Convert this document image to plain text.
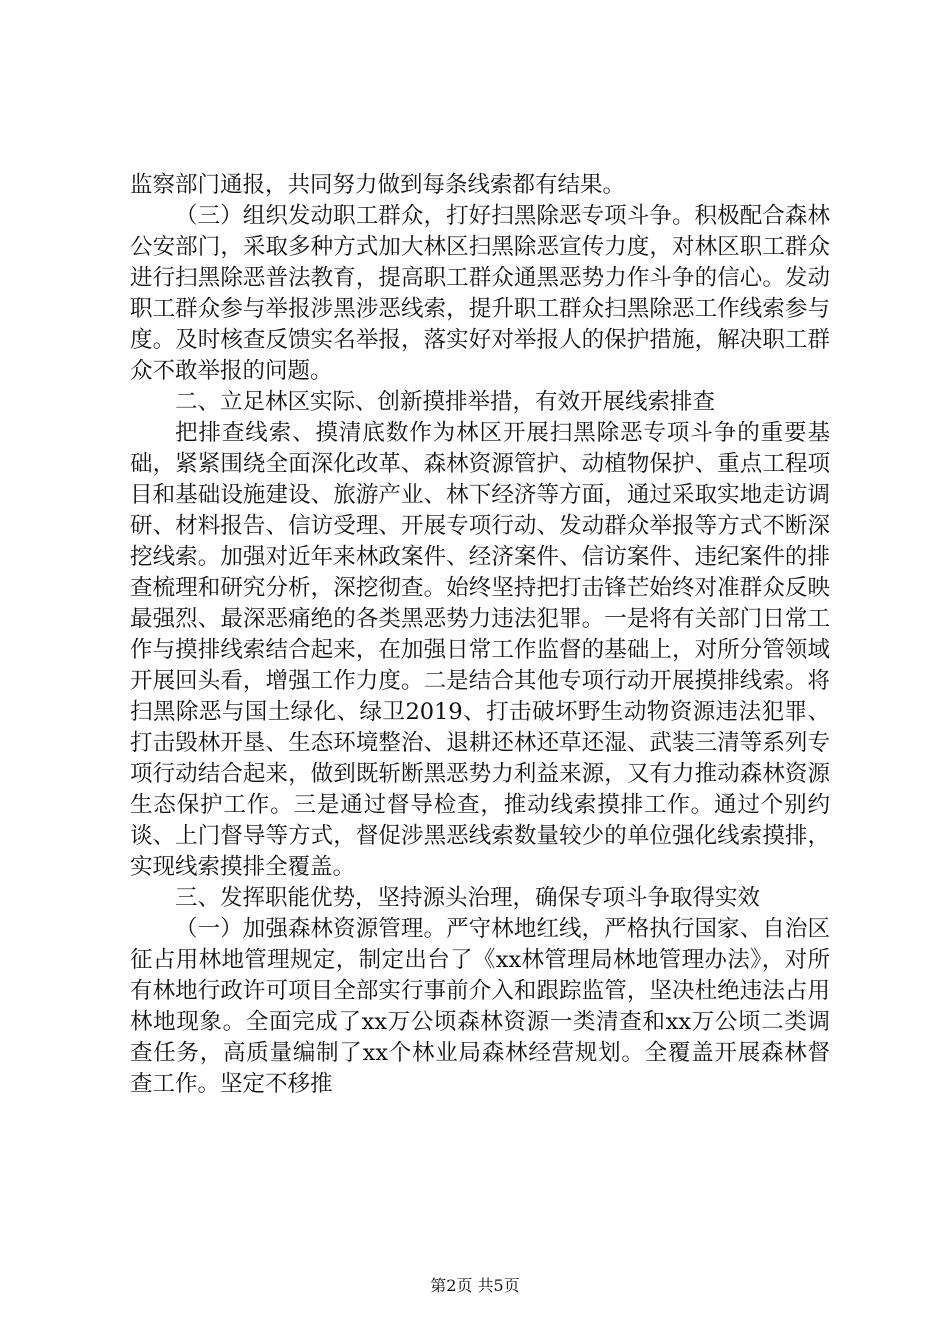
监察部门通报，共同努力做到每条线索都有结果。

（三）组织发动职工群众，打好扫黑除恶专项斗争。积极配合森林公安部门，采取多种方式加大林区扫黑除恶宣传力度，对林区职工群众进行扫黑除恶普法教育，提高职工群众通黑恶势力作斗争的信心。发动职工群众参与举报涉黑涉恶线索，提升职工群众扫黑除恶工作线索参与度。及时核查反馈实名举报，落实好对举报人的保护措施，解决职工群众不敢举报的问题。

二、立足林区实际、创新摸排举措，有效开展线索排查

把排查线索、摸清底数作为林区开展扫黑除恶专项斗争的重要基础，紧紧围绕全面深化改革、森林资源管护、动植物保护、重点工程项目和基础设施建设、旅游产业、林下经济等方面，通过采取实地走访调研、材料报告、信访受理、开展专项行动、发动群众举报等方式不断深挖线索。加强对近年来林政案件、经济案件、信访案件、违纪案件的排查梳理和研究分析，深挖彻查。始终坚持把打击锋芒始终对准群众反映最强烈、最深恶痛绝的各类黑恶势力违法犯罪。一是将有关部门日常工作与摸排线索结合起来，在加强日常工作监督的基础上，对所分管领域开展回头看，增强工作力度。二是结合其他专项行动开展摸排线索。将扫黑除恶与国土绿化、绿卫2019、打击破坏野生动物资源违法犯罪、打击毁林开垦、生态环境整治、退耕还林还草还湿、武装三清等系列专项行动结合起来，做到既斩断黑恶势力利益来源，又有力推动森林资源生态保护工作。三是通过督导检查，推动线索摸排工作。通过个别约谈、上门督导等方式，督促涉黑恶线索数量较少的单位强化线索摸排，实现线索摸排全覆盖。

三、发挥职能优势，坚持源头治理，确保专项斗争取得实效

（一）加强森林资源管理。严守林地红线，严格执行国家、自治区征占用林地管理规定，制定出台了《xx林管理局林地管理办法》，对所有林地行政许可项目全部实行事前介入和跟踪监管，坚决杜绝违法占用林地现象。全面完成了xx万公顷森林资源一类清查和xx万公顷二类调查任务，高质量编制了xx个林业局森林经营规划。全覆盖开展森林督查工作。坚定不移推

第2页 共5页
